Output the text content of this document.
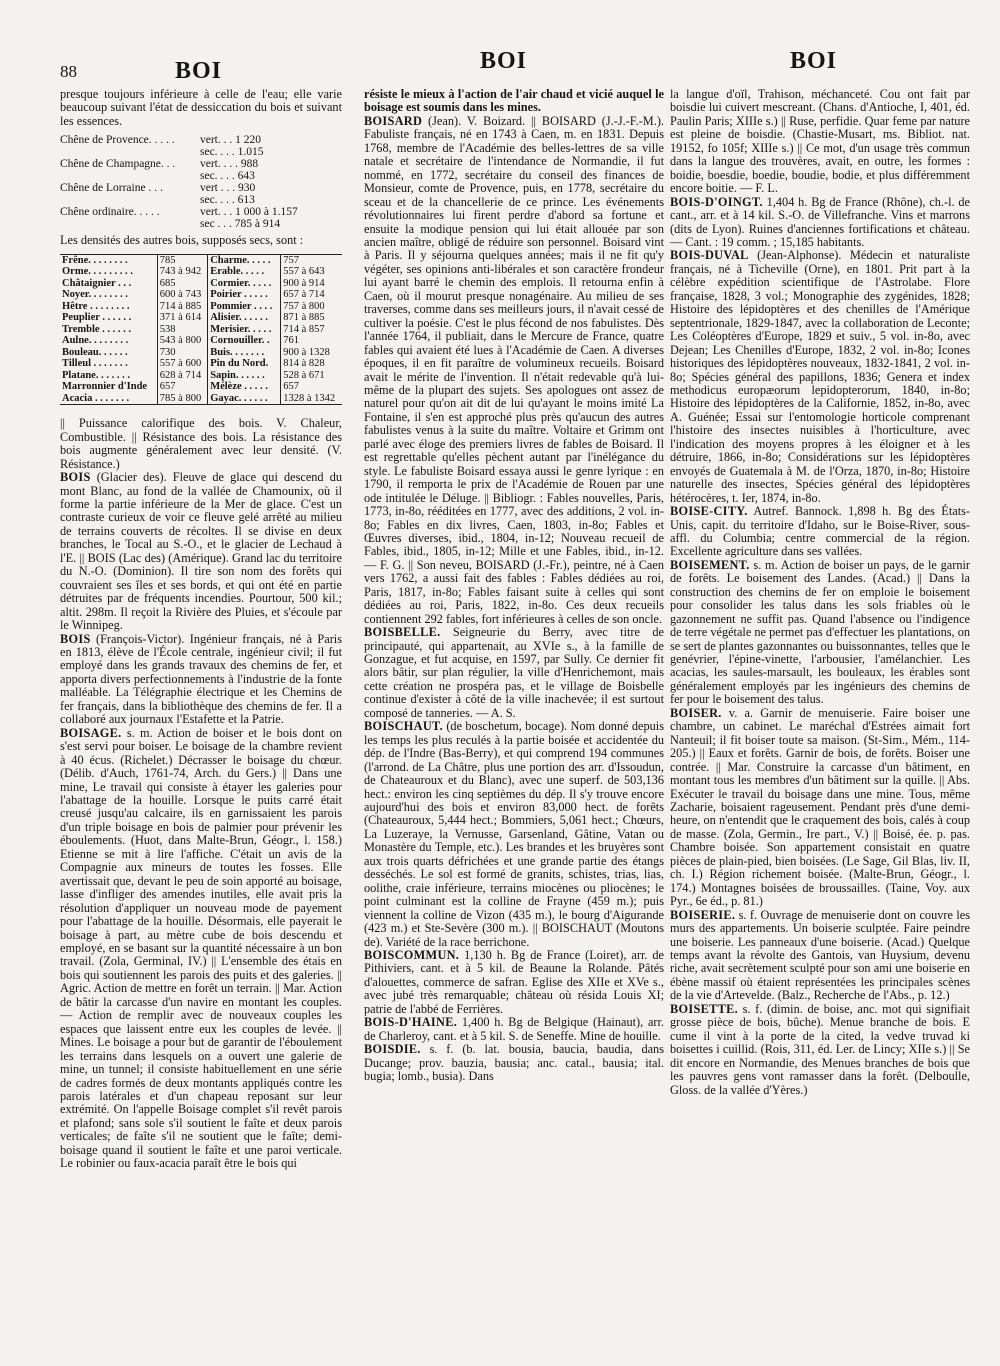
88	BOI	BOI	BOI

presque toujours inférieure à celle de l'eau; elle varie beaucoup suivant l'état de dessiccation du bois et suivant les essences.

Chêne de Provence. . . . .	vert. . . 1 220
sec. . . . 1.015
Chêne de Champagne. . .	vert. . . . 988
sec. . . . 643
Chêne de Lorraine . . .	vert . . . 930
sec. . . . 613
Chêne ordinaire. . . . .	vert. . . 1 000 à 1.157
sec . . . 785 à 914

Les densités des autres bois, supposés secs, sont :

Frêne. . . . . . . .	785	Charme. . . . .	757
Orme. . . . . . . . .	743 à 942	Erable. . . . .	557 à 643
Châtaignier . . .	685	Cormier. . . . .	900 à 914
Noyer. . . . . . . .	600 à 743	Poirier . . . . .	657 à 714
Hêtre . . . . . . . .	714 à 885	Pommier . . . .	757 à 800
Peuplier . . . . . .	371 à 614	Alisier. . . . . .	871 à 885
Tremble . . . . . .	538	Merisier. . . . .	714 à 857
Aulne. . . . . . . .	543 à 800	Cornouiller. .	761
Bouleau. . . . . .	730	Buis. . . . . . .	900 à 1328
Tilleul . . . . . . .	557 à 600	Pin du Nord.	814 à 828
Platane. . . . . . .	628 à 714	Sapin. . . . . .	528 à 671
Marronnier d'Inde	657	Mélèze . . . . .	657
Acacia . . . . . . .	785 à 800	Gayac. . . . . .	1328 à 1342

|| Puissance calorifique des bois. V. Chaleur, Combustible. || Résistance des bois. La résistance des bois augmente généralement avec leur densité. (V. Résistance.)

BOIS (Glacier des). Fleuve de glace qui descend du mont Blanc, au fond de la vallée de Chamounix, où il forme la partie inférieure de la Mer de glace. C'est un contraste curieux de voir ce fleuve gelé arrêté au milieu de terrains couverts de récoltes. Il se divise en deux branches, le Tocal au S.-O., et le glacier de Lechaud à l'E. || BOIS (Lac des) (Amérique). Grand lac du territoire du N.-O. (Dominion). Il tire son nom des forêts qui couvraient ses îles et ses bords, et qui ont été en partie détruites par de fréquents incendies. Pourtour, 500 kil.; altit. 298m. Il reçoit la Rivière des Pluies, et s'écoule par le Winnipeg.

BOIS (François-Victor). Ingénieur français, né à Paris en 1813, élève de l'École centrale, ingénieur civil; il fut employé dans les grands travaux des chemins de fer, et apporta divers perfectionnements à l'industrie de la fonte malléable. La Télégraphie électrique et les Chemins de fer français, dans la bibliothèque des chemins de fer. Il a collaboré aux journaux l'Estafette et la Patrie.

BOISAGE. s. m. Action de boiser et le bois dont on s'est servi pour boiser. Le boisage de la chambre revient à 40 écus. (Richelet.) Décrasser le boisage du chœur. (Délib. d'Auch, 1761-74, Arch. du Gers.) || Dans une mine, Le travail qui consiste à étayer les galeries pour l'abattage de la houille. Lorsque le puits carré était creusé jusqu'au calcaire, ils en garnissaient les parois d'un triple boisage en bois de palmier pour prévenir les éboulements. (Huot, dans Malte-Brun, Géogr., l. 158.) Etienne se mit à lire l'affiche. C'était un avis de la Compagnie aux mineurs de toutes les fosses. Elle avertissait que, devant le peu de soin apporté au boisage, lasse d'infliger des amendes inutiles, elle avait pris la résolution d'appliquer un nouveau mode de payement pour l'abattage de la houille. Désormais, elle payerait le boisage à part, au mètre cube de bois descendu et employé, en se basant sur la quantité nécessaire à un bon travail. (Zola, Germinal, IV.) || L'ensemble des étais en bois qui soutiennent les parois des puits et des galeries. || Agric. Action de mettre en forêt un terrain. || Mar. Action de bâtir la carcasse d'un navire en montant les couples. — Action de remplir avec de nouveaux couples les espaces que laissent entre eux les couples de levée. || Mines. Le boisage a pour but de garantir de l'éboulement les terrains dans lesquels on a ouvert une galerie de mine, un tunnel; il consiste habituellement en une série de cadres formés de deux montants appliqués contre les parois latérales et d'un chapeau reposant sur leur extrémité. On l'appelle Boisage complet s'il revêt parois et plafond; sans sole s'il soutient le faîte et deux parois verticales; de faîte s'il ne soutient que le faîte; demi-boisage quand il soutient le faîte et une paroi verticale. Le robinier ou faux-acacia paraît être le bois qui

résiste le mieux à l'action de l'air chaud et vicié auquel le boisage est soumis dans les mines.

BOISARD (Jean). V. Boizard. || BOISARD (J.-J.-F.-M.). Fabuliste français, né en 1743 à Caen, m. en 1831. Depuis 1768, membre de l'Académie des belles-lettres de sa ville natale et secrétaire de l'intendance de Normandie, il fut nommé, en 1772, secrétaire du conseil des finances de Monsieur, comte de Provence, puis, en 1778, secrétaire du sceau et de la chancellerie de ce prince. Les événements révolutionnaires lui firent perdre d'abord sa fortune et ensuite la modique pension qui lui était allouée par son ancien maître, obligé de réduire son personnel. Boisard vint à Paris. Il y séjourna quelques années; mais il ne fit qu'y végéter, ses opinions anti-libérales et son caractère frondeur lui ayant barré le chemin des emplois. Il retourna enfin à Caen, où il mourut presque nonagénaire. Au milieu de ses traverses, comme dans ses meilleurs jours, il n'avait cessé de cultiver la poésie. C'est le plus fécond de nos fabulistes. Dès l'année 1764, il publiait, dans le Mercure de France, quatre fables qui avaient été lues à l'Académie de Caen. A diverses époques, il en fit paraître de volumineux recueils. Boisard avait le mérite de l'invention. Il n'était redevable qu'à lui-même de la plupart des sujets. Ses apologues ont assez de naturel pour qu'on ait dit de lui qu'ayant le moins imité La Fontaine, il s'en est approché plus près qu'aucun des autres fabulistes venus à la suite du maître. Voltaire et Grimm ont parlé avec éloge des premiers livres de fables de Boisard. Il est regrettable qu'elles pèchent autant par l'inélégance du style. Le fabuliste Boisard essaya aussi le genre lyrique : en 1790, il remporta le prix de l'Académie de Rouen par une ode intitulée le Déluge. || Bibliogr. : Fables nouvelles, Paris, 1773, in-8o, rééditées en 1777, avec des additions, 2 vol. in-8o; Fables en dix livres, Caen, 1803, in-8o; Fables et Œuvres diverses, ibid., 1804, in-12; Nouveau recueil de Fables, ibid., 1805, in-12; Mille et une Fables, ibid., in-12. — F. G. || Son neveu, BOISARD (J.-Fr.), peintre, né à Caen vers 1762, a aussi fait des fables : Fables dédiées au roi, Paris, 1817, in-8o; Fables faisant suite à celles qui sont dédiées au roi, Paris, 1822, in-8o. Ces deux recueils contiennent 292 fables, fort inférieures à celles de son oncle.

BOISBELLE. Seigneurie du Berry, avec titre de principauté, qui appartenait, au XVIe s., à la famille de Gonzague, et fut acquise, en 1597, par Sully. Ce dernier fit alors bâtir, sur plan régulier, la ville d'Henrichemont, mais cette création ne prospéra pas, et le village de Boisbelle continue d'exister à côté de la ville inachevée; il est surtout composé de tanneries. — A. S.

BOISCHAUT. (de boschetum, bocage). Nom donné depuis les temps les plus reculés à la partie boisée et accidentée du dép. de l'Indre (Bas-Berry), et qui comprend 194 communes (l'arrond. de La Châtre, plus une portion des arr. d'Issoudun, de Chateauroux et du Blanc), avec une superf. de 503,136 hect.: environ les cinq septièmes du dép. Il s'y trouve encore aujourd'hui des bois et environ 83,000 hect. de forêts (Chateauroux, 5,444 hect.; Bommiers, 5,061 hect.; Chœurs, La Luzeraye, la Vernusse, Garsenland, Gâtine, Vatan ou Monastère du Temple, etc.). Les brandes et les bruyères sont aux trois quarts défrichées et une grande partie des étangs desséchés. Le sol est formé de granits, schistes, trias, lias, oolithe, craie inférieure, terrains miocènes ou pliocènes; le point culminant est la colline de Frayne (459 m.); puis viennent la colline de Vizon (435 m.), le bourg d'Aigurande (423 m.) et Ste-Sevère (300 m.). || BOISCHAUT (Moutons de). Variété de la race berrichone.

BOISCOMMUN. 1,130 h. Bg de France (Loiret), arr. de Pithiviers, cant. et à 5 kil. de Beaune la Rolande. Pâtés d'alouettes, commerce de safran. Eglise des XIIe et XVe s., avec jubé très remarquable; château où résida Louis XI; patrie de l'abbé de Ferrières.

BOIS-D'HAINE. 1,400 h. Bg de Belgique (Hainaut), arr. de Charleroy, cant. et à 5 kil. S. de Seneffe. Mine de houille.

BOISDIE. s. f. (b. lat. bousia, baucia, baudia, dans Ducange; prov. bauzia, bausia; anc. catal., bausia; ital. bugia; lomb., busia). Dans

la langue d'oïl, Trahison, méchanceté. Cou ont fait par boisdie lui cuivert mescreant. (Chans. d'Antioche, I, 401, éd. Paulin Paris; XIIIe s.) || Ruse, perfidie. Quar feme par nature est pleine de boisdie. (Chastie-Musart, ms. Bibliot. nat. 19152, fo 105f; XIIIe s.) || Ce mot, d'un usage très commun dans la langue des trouvères, avait, en outre, les formes : boidie, boesdie, boedie, boudie, bodie, et plus différemment encore boitie. — F. L.

BOIS-D'OINGT. 1,404 h. Bg de France (Rhône), ch.-l. de cant., arr. et à 14 kil. S.-O. de Villefranche. Vins et marrons (dits de Lyon). Ruines d'anciennes fortifications et château. — Cant. : 19 comm. ; 15,185 habitants.

BOIS-DUVAL (Jean-Alphonse). Médecin et naturaliste français, né à Ticheville (Orne), en 1801. Prit part à la célèbre expédition scientifique de l'Astrolabe. Flore française, 1828, 3 vol.; Monographie des zygénides, 1828; Histoire des lépidoptères et des chenilles de l'Amérique septentrionale, 1829-1847, avec la collaboration de Leconte; Les Coléoptères d'Europe, 1829 et suiv., 5 vol. in-8o, avec Dejean; Les Chenilles d'Europe, 1832, 2 vol. in-8o; Icones historiques des lépidoptères nouveaux, 1832-1841, 2 vol. in-8o; Spécies général des papillons, 1836; Genera et index methodicus europæorum lepidopterorum, 1840, in-8o; Histoire des lépidoptères de la Californie, 1852, in-8o, avec A. Guénée; Essai sur l'entomologie horticole comprenant l'histoire des insectes nuisibles à l'horticulture, avec l'indication des moyens propres à les éloigner et à les détruire, 1866, in-8o; Considérations sur les lépidoptères envoyés de Guatemala à M. de l'Orza, 1870, in-8o; Histoire naturelle des insectes, Spécies général des lépidoptères hétérocères, t. Ier, 1874, in-8o.

BOISE-CITY. Autref. Bannock. 1,898 h. Bg des États-Unis, capit. du territoire d'Idaho, sur le Boise-River, sous-affl. du Columbia; centre commercial de la région. Excellente agriculture dans ses vallées.

BOISEMENT. s. m. Action de boiser un pays, de le garnir de forêts. Le boisement des Landes. (Acad.) || Dans la construction des chemins de fer on emploie le boisement pour consolider les talus dans les sols friables où le gazonnement ne suffit pas. Quand l'absence ou l'indigence de terre végétale ne permet pas d'effectuer les plantations, on se sert de plantes gazonnantes ou buissonnantes, telles que le genévrier, l'épine-vinette, l'arbousier, l'amélanchier. Les acacias, les saules-marsault, les bouleaux, les érables sont généralement employés par les ingénieurs des chemins de fer pour le boisement des talus.

BOISER. v. a. Garnir de menuiserie. Faire boiser une chambre, un cabinet. Le maréchal d'Estrées aimait fort Nanteuil; il fit boiser toute sa maison. (St-Sim., Mém., 114-205.) || Eaux et forêts. Garnir de bois, de forêts. Boiser une contrée. || Mar. Construire la carcasse d'un bâtiment, en montant tous les membres d'un bâtiment sur la quille. || Abs. Exécuter le travail du boisage dans une mine. Tous, même Zacharie, boisaient rageusement. Pendant près d'une demi-heure, on n'entendit que le craquement des bois, calés à coup de masse. (Zola, Germin., Ire part., V.) || Boisé, ée. p. pas. Chambre boisée. Son appartement consistait en quatre pièces de plain-pied, bien boisées. (Le Sage, Gil Blas, liv. II, ch. I.) Région richement boisée. (Malte-Brun, Géogr., l. 174.) Montagnes boisées de broussailles. (Taine, Voy. aux Pyr., 6e éd., p. 81.)

BOISERIE. s. f. Ouvrage de menuiserie dont on couvre les murs des appartements. Un boiserie sculptée. Faire peindre une boiserie. Les panneaux d'une boiserie. (Acad.) Quelque temps avant la révolte des Gantois, van Huysium, devenu riche, avait secrètement sculpté pour son ami une boiserie en ébène massif où étaient représentées les principales scènes de la vie d'Artevelde. (Balz., Recherche de l'Abs., p. 12.)

BOISETTE. s. f. (dimin. de boise, anc. mot qui signifiait grosse pièce de bois, bûche). Menue branche de bois. E cume il vint à la porte de la cited, la vedve truvad ki boisettes i cuillid. (Rois, 311, éd. Ler. de Lincy; XIIe s.) || Se dit encore en Normandie, des Menues branches de bois que les pauvres gens vont ramasser dans la forêt. (Delboulle, Gloss. de la vallée d'Yères.)
